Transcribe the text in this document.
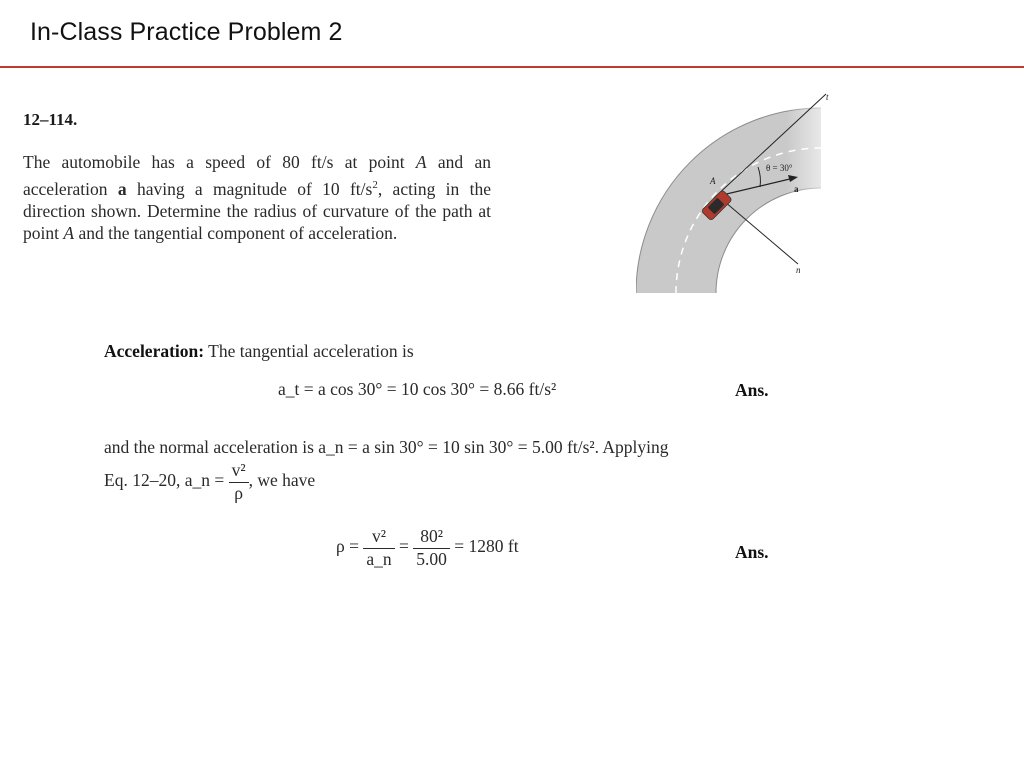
In-Class Practice Problem 2
12–114.
The automobile has a speed of 80 ft/s at point A and an acceleration a having a magnitude of 10 $ft/s^2$, acting in the direction shown. Determine the radius of curvature of the path at point A and the tangential component of acceleration.
t
n
A
a
θ = 30°
Acceleration: The tangential acceleration is
a_t = a cos 30° = 10 cos 30° = 8.66 ft/s²	Ans.
and the normal acceleration is a_n = a sin 30° = 10 sin 30° = 5.00 ft/s². Applying
Eq. 12–20, a_n = $\frac{\text{v²}}{\rho}$ , we have
$\rho = \frac{\text{v²}}{a\_n} = \frac{\text{80²}}{5.00} = 1280$ ft	Ans.
